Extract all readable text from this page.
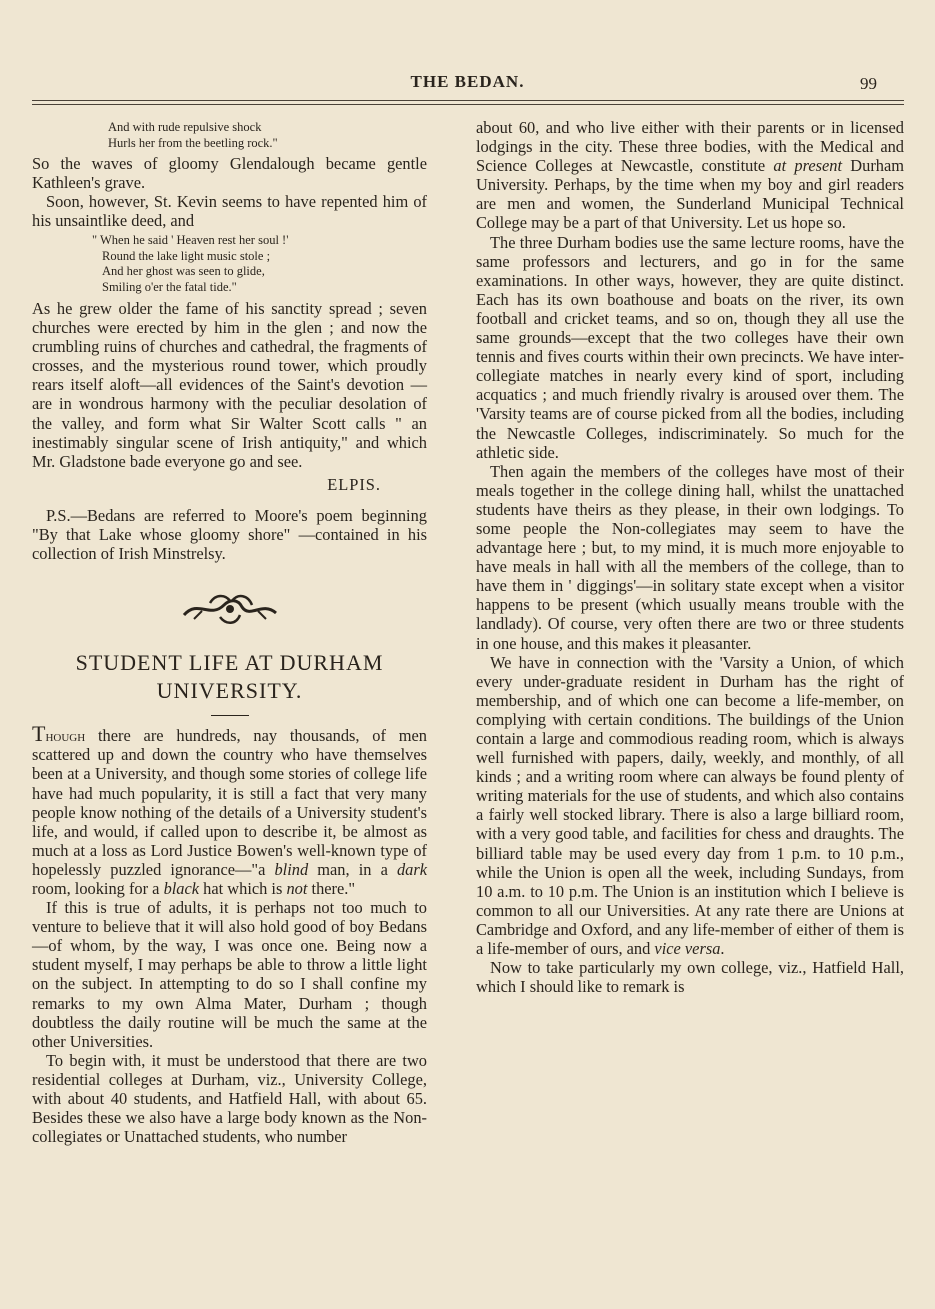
THE BEDAN.	99
And with rude repulsive shock
Hurls her from the beetling rock."

So the waves of gloomy Glendalough became gentle Kathleen's grave.

Soon, however, St. Kevin seems to have repented him of his unsaintlike deed, and

" When he said ' Heaven rest her soul !'
Round the lake light music stole ;
And her ghost was seen to glide,
Smiling o'er the fatal tide."

As he grew older the fame of his sanctity spread ; seven churches were erected by him in the glen ; and now the crumbling ruins of churches and cathedral, the fragments of crosses, and the mysterious round tower, which proudly rears itself aloft—all evidences of the Saint's devotion —are in wondrous harmony with the peculiar desolation of the valley, and form what Sir Walter Scott calls " an inestimably singular scene of Irish antiquity," and which Mr. Gladstone bade everyone go and see.

ELPIS.

P.S.—Bedans are referred to Moore's poem beginning "By that Lake whose gloomy shore" —contained in his collection of Irish Minstrelsy.

STUDENT LIFE AT DURHAM
UNIVERSITY.

Though there are hundreds, nay thousands, of men scattered up and down the country who have themselves been at a University, and though some stories of college life have had much popularity, it is still a fact that very many people know nothing of the details of a University student's life, and would, if called upon to describe it, be almost as much at a loss as Lord Justice Bowen's well-known type of hopelessly puzzled ignorance—"a blind man, in a dark room, looking for a black hat which is not there."

If this is true of adults, it is perhaps not too much to venture to believe that it will also hold good of boy Bedans—of whom, by the way, I was once one. Being now a student myself, I may perhaps be able to throw a little light on the subject. In attempting to do so I shall confine my remarks to my own Alma Mater, Durham ; though doubtless the daily routine will be much the same at the other Universities.

To begin with, it must be understood that there are two residential colleges at Durham, viz., University College, with about 40 students, and Hatfield Hall, with about 65. Besides these we also have a large body known as the Non-collegiates or Unattached students, who number

about 60, and who live either with their parents or in licensed lodgings in the city. These three bodies, with the Medical and Science Colleges at Newcastle, constitute at present Durham University. Perhaps, by the time when my boy and girl readers are men and women, the Sunderland Municipal Technical College may be a part of that University. Let us hope so.

The three Durham bodies use the same lecture rooms, have the same professors and lecturers, and go in for the same examinations. In other ways, however, they are quite distinct. Each has its own boathouse and boats on the river, its own football and cricket teams, and so on, though they all use the same grounds—except that the two colleges have their own tennis and fives courts within their own precincts. We have inter-collegiate matches in nearly every kind of sport, including acquatics ; and much friendly rivalry is aroused over them. The 'Varsity teams are of course picked from all the bodies, including the Newcastle Colleges, indiscriminately. So much for the athletic side.

Then again the members of the colleges have most of their meals together in the college dining hall, whilst the unattached students have theirs as they please, in their own lodgings. To some people the Non-collegiates may seem to have the advantage here ; but, to my mind, it is much more enjoyable to have meals in hall with all the members of the college, than to have them in ' diggings'—in solitary state except when a visitor happens to be present (which usually means trouble with the landlady). Of course, very often there are two or three students in one house, and this makes it pleasanter.

We have in connection with the 'Varsity a Union, of which every under-graduate resident in Durham has the right of membership, and of which one can become a life-member, on complying with certain conditions. The buildings of the Union contain a large and commodious reading room, which is always well furnished with papers, daily, weekly, and monthly, of all kinds ; and a writing room where can always be found plenty of writing materials for the use of students, and which also contains a fairly well stocked library. There is also a large billiard room, with a very good table, and facilities for chess and draughts. The billiard table may be used every day from 1 p.m. to 10 p.m., while the Union is open all the week, including Sundays, from 10 a.m. to 10 p.m. The Union is an institution which I believe is common to all our Universities. At any rate there are Unions at Cambridge and Oxford, and any life-member of either of them is a life-member of ours, and vice versa.

Now to take particularly my own college, viz., Hatfield Hall, which I should like to remark is
